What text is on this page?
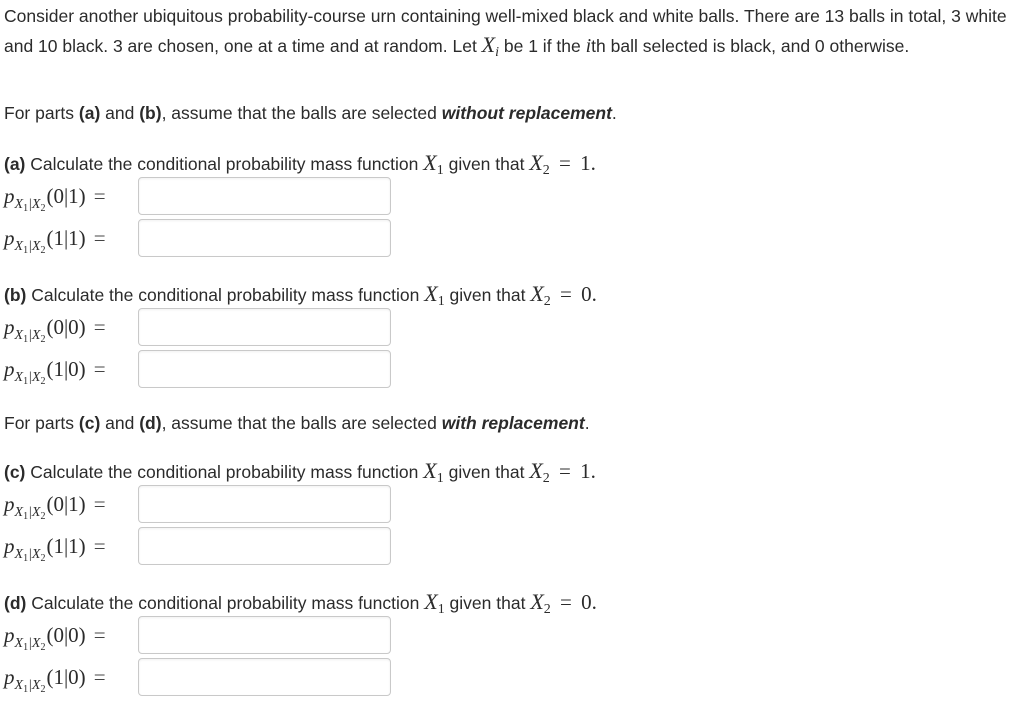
Consider another ubiquitous probability-course urn containing well-mixed black and white balls. There are 13 balls in total, 3 white and 10 black. 3 are chosen, one at a time and at random. Let $X_i$ be 1 if the ith ball selected is black, and 0 otherwise.
For parts (a) and (b), assume that the balls are selected without replacement.
For parts (c) and (d), assume that the balls are selected with replacement.
(a) Calculate the conditional probability mass function $X_1$ given that $X_2 = 1$.
p $X_1|X_2$
(0|1) =
p $X_1|X_2$
(1|1) =
(b) Calculate the conditional probability mass function $X_1$ given that $X_2 = 0$.
p $X_1|X_2$
(0|0) =
p $X_1|X_2$
(1|0) =
(c) Calculate the conditional probability mass function $X_1$ given that $X_2 = 1$.
p $X_1|X_2$
(0|1) =
p $X_1|X_2$
(1|1) =
(d) Calculate the conditional probability mass function $X_1$ given that $X_2 = 0$.
p $X_1|X_2$
(0|0) =
p $X_1|X_2$
(1|0) =
